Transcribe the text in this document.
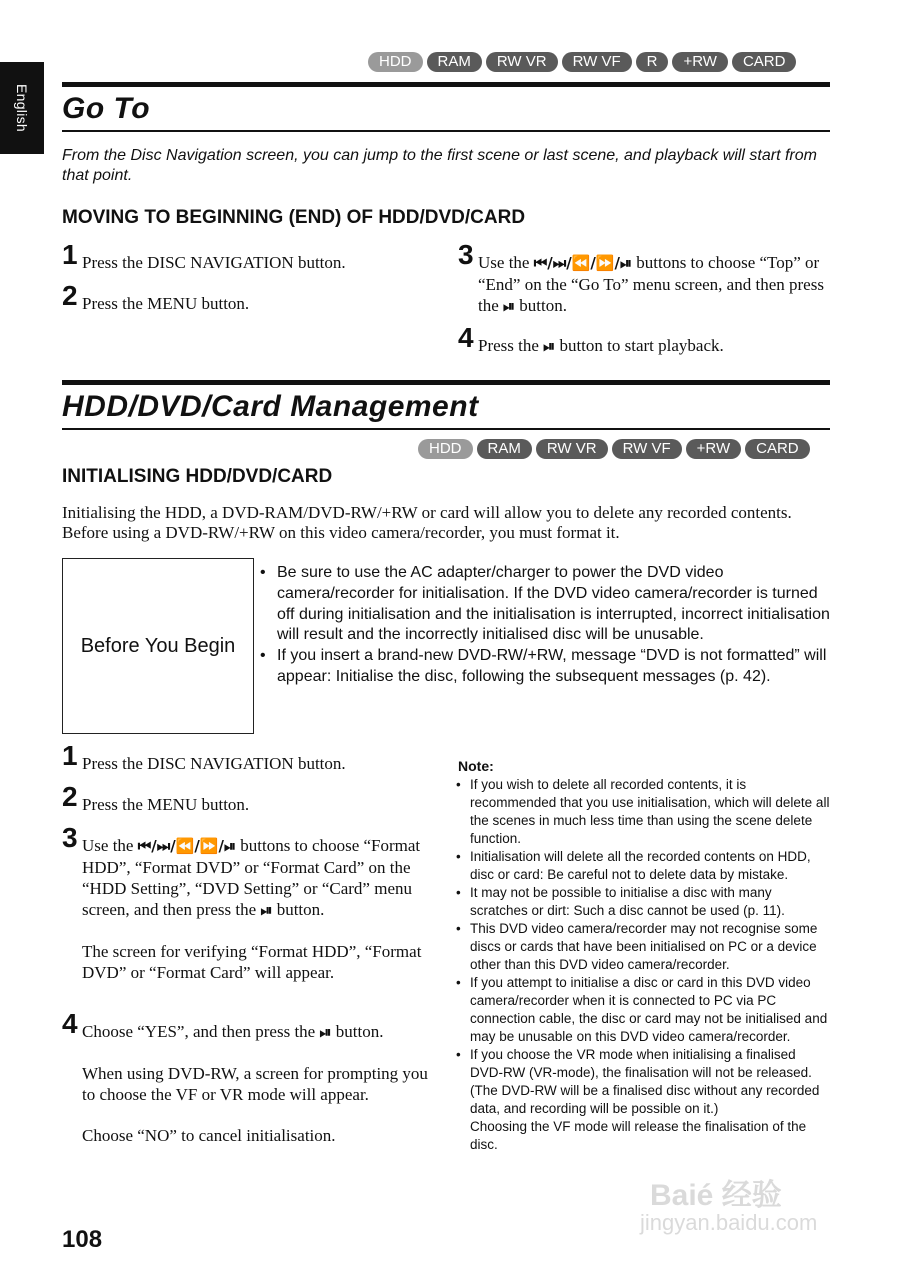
English
HDD	RAM	RW VR	RW VF	R	+RW	CARD
Go To
From the Disc Navigation screen, you can jump to the first scene or last scene, and playback will start from that point.
MOVING TO BEGINNING (END) OF HDD/DVD/CARD
1 Press the DISC NAVIGATION button.
2 Press the MENU button.
3 Use the ⏮/⏭/⏪/⏩/⏯ buttons to choose “Top” or “End” on the “Go To” menu screen, and then press the ⏯ button.
4 Press the ⏯ button to start playback.
HDD/DVD/Card Management
HDD	RAM	RW VR	RW VF	+RW	CARD
INITIALISING HDD/DVD/CARD
Initialising the HDD, a DVD-RAM/DVD-RW/+RW or card will allow you to delete any recorded contents. Before using a DVD-RW/+RW on this video camera/recorder, you must format it.
Before You Begin
• Be sure to use the AC adapter/charger to power the DVD video camera/recorder for initialisation. If the DVD video camera/recorder is turned off during initialisation and the initialisation is interrupted, incorrect initialisation will result and the incorrectly initialised disc will be unusable.
• If you insert a brand-new DVD-RW/+RW, message “DVD is not formatted” will appear: Initialise the disc, following the subsequent messages (p. 42).
1 Press the DISC NAVIGATION button.
2 Press the MENU button.
3 Use the ⏮/⏭/⏪/⏩/⏯ buttons to choose “Format HDD”, “Format DVD” or “Format Card” on the “HDD Setting”, “DVD Setting” or “Card” menu screen, and then press the ⏯ button.
The screen for verifying “Format HDD”, “Format DVD” or “Format Card” will appear.
4 Choose “YES”, and then press the ⏯ button.
When using DVD-RW, a screen for prompting you to choose the VF or VR mode will appear.
Choose “NO” to cancel initialisation.
Note:
• If you wish to delete all recorded contents, it is recommended that you use initialisation, which will delete all the scenes in much less time than using the scene delete function.
• Initialisation will delete all the recorded contents on HDD, disc or card: Be careful not to delete data by mistake.
• It may not be possible to initialise a disc with many scratches or dirt: Such a disc cannot be used (p. 11).
• This DVD video camera/recorder may not recognise some discs or cards that have been initialised on PC or a device other than this DVD video camera/recorder.
• If you attempt to initialise a disc or card in this DVD video camera/recorder when it is connected to PC via PC connection cable, the disc or card may not be initialised and may be unusable on this DVD video camera/recorder.
• If you choose the VR mode when initialising a finalised DVD-RW (VR-mode), the finalisation will not be released. (The DVD-RW will be a finalised disc without any recorded data, and recording will be possible on it.)
Choosing the VF mode will release the finalisation of the disc.
108
Baié 经验
jingyan.baidu.com
